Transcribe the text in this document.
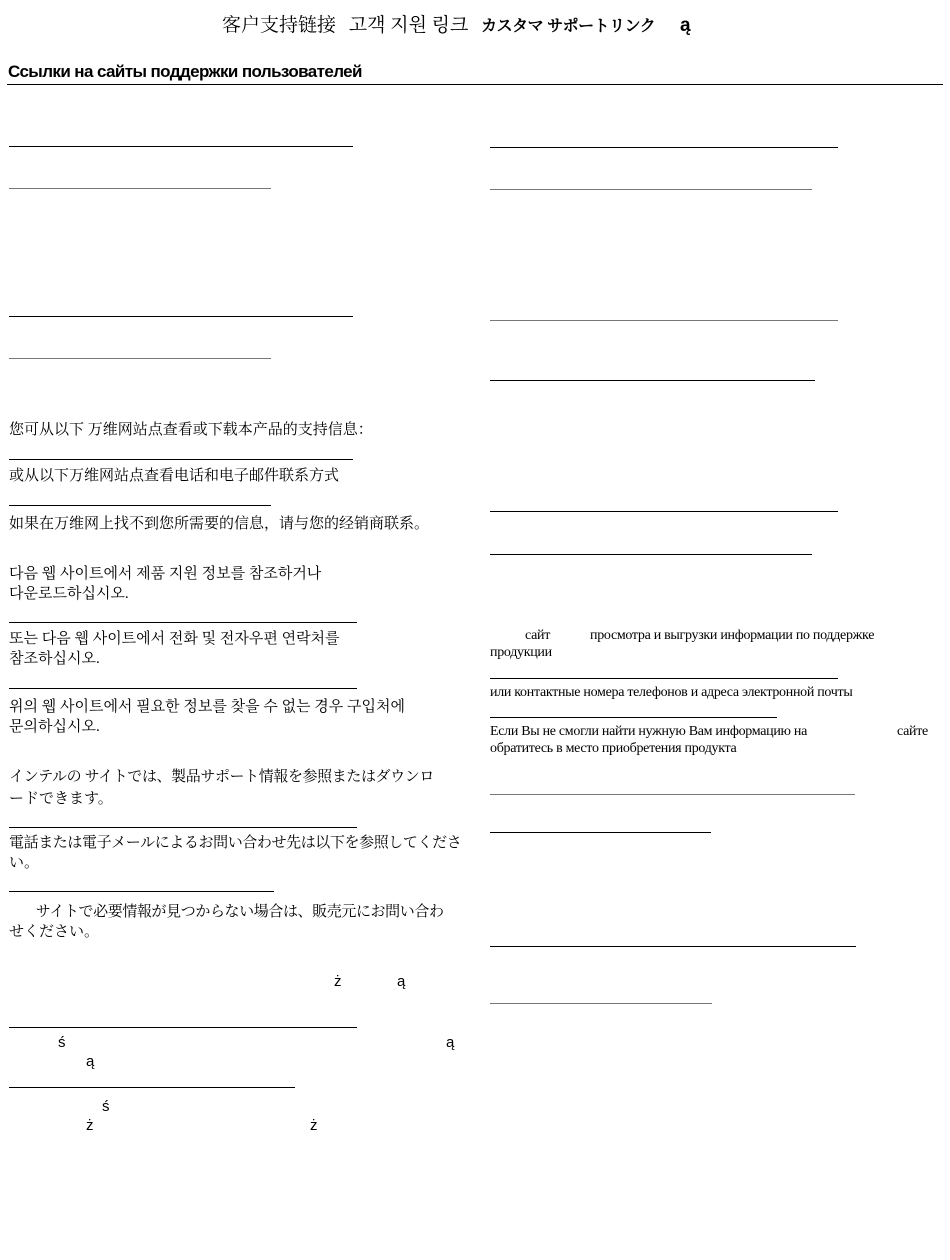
客户支持链接 고객 지원 링크 カスタマ サポートリンク ą
Ссылки на сайты поддержки пользователей
您可从以下 万维网站点查看或下载本产品的支持信息：
或从以下万维网站点查看电话和电子邮件联系方式
如果在万维网上找不到您所需要的信息，请与您的经销商联系。
다음 웹 사이트에서 제품 지원 정보를 참조하거나
다운로드하십시오.
또는 다음 웹 사이트에서 전화 및 전자우편 연락처를
참조하십시오.
위의 웹 사이트에서 필요한 정보를 찾을 수 없는 경우 구입처에
문의하십시오.
インテルの サイトでは、製品サポート情報を参照またはダウンロ
ードできます。
電話または電子メールによるお問い合わせ先は以下を参照してくださ
い。
サイトで必要情報が見つからない場合は、販売元にお問い合わ
せください。
ż	ą
ś	ą
ą
ś
ż	ż
сайт	просмотра и выгрузки информации по поддержке
продукции
или контактные номера телефонов и адреса электронной почты
Если Вы не смогли найти нужную Вам информацию на	сайте
обратитесь в место приобретения продукта
